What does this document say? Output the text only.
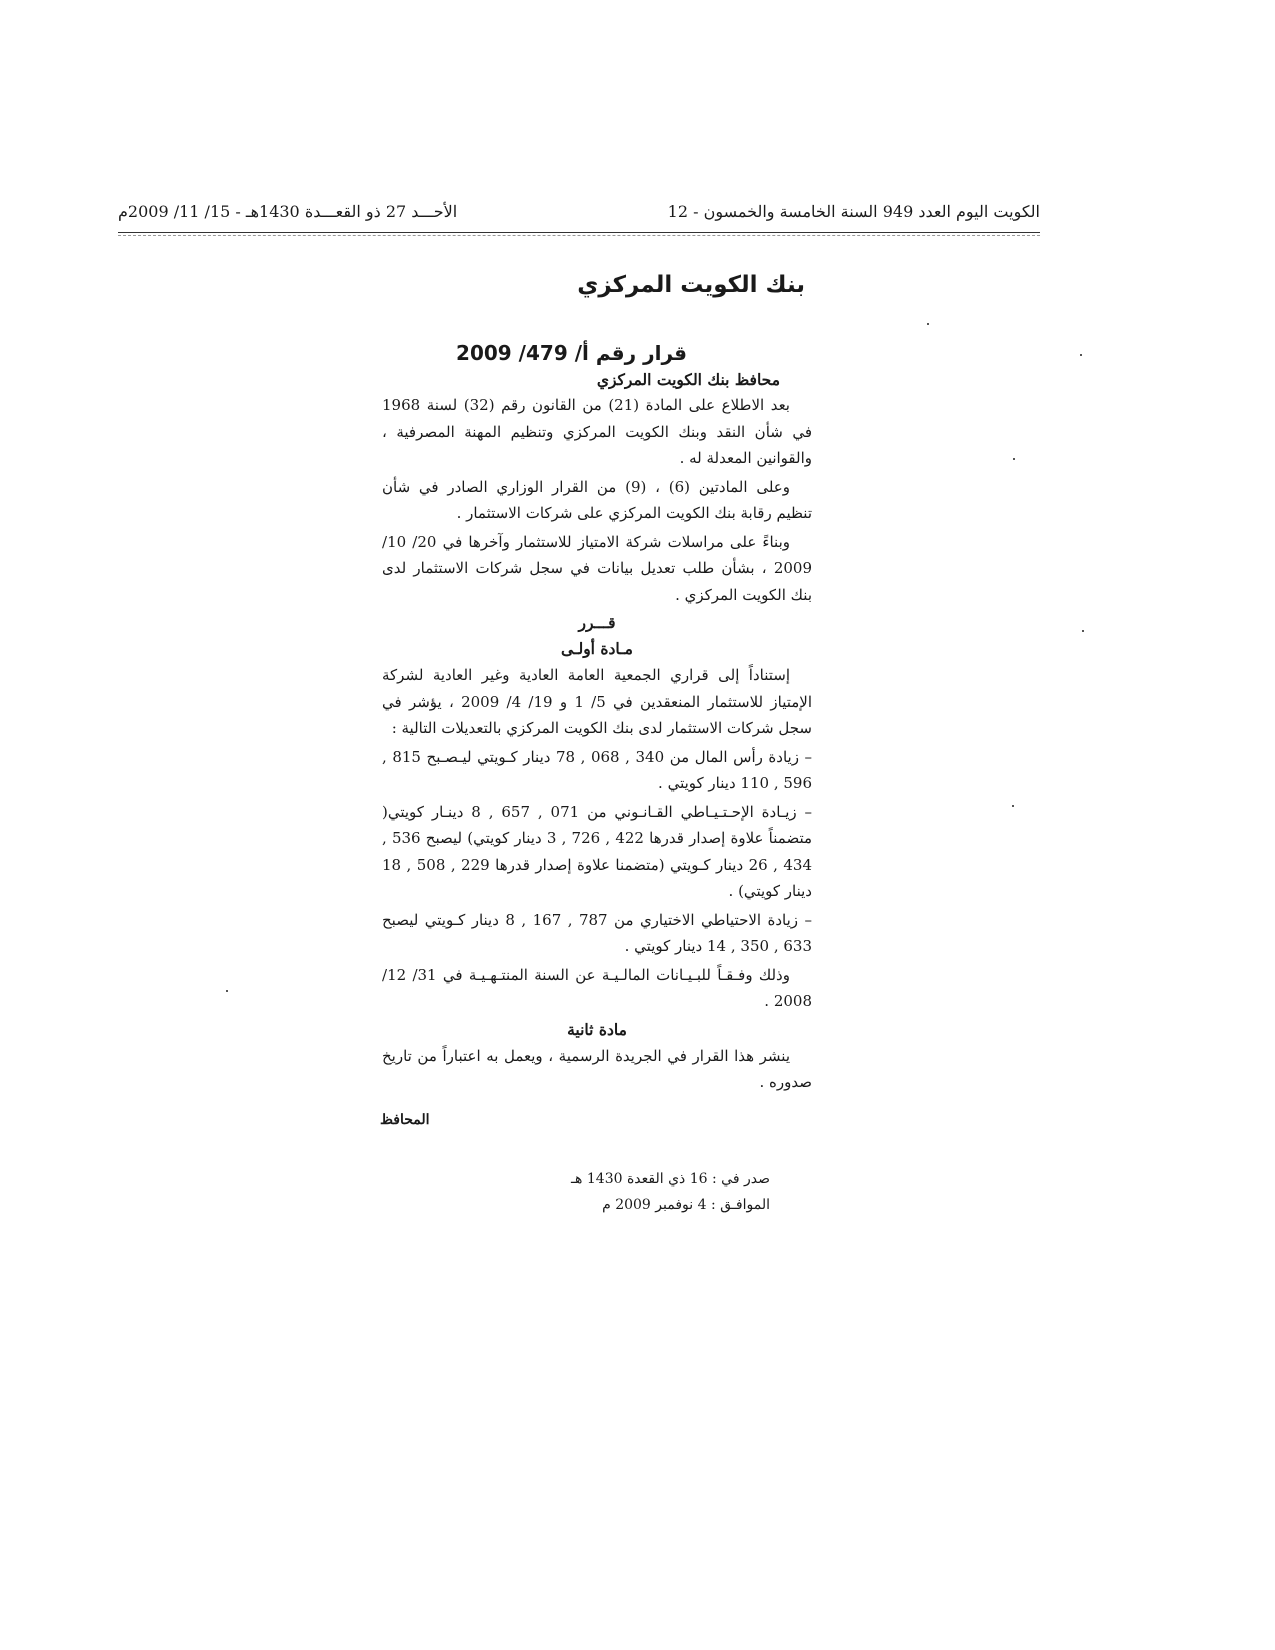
الكويت اليوم العدد 949 السنة الخامسة والخمسون - 12
الأحـــد 27 ذو القعـــدة 1430هـ - 15/ 11/ 2009م
بنك الكويت المركزي
قرار رقم أ/ 479/ 2009
محافظ بنك الكويت المركزي

بعد الاطلاع على المادة (21) من القانون رقم (32) لسنة 1968 في شأن النقد وبنك الكويت المركزي وتنظيم المهنة المصرفية ، والقوانين المعدلة له .

وعلى المادتين (6) ، (9) من القرار الوزاري الصادر في شأن تنظيم رقابة بنك الكويت المركزي على شركات الاستثمار .

وبناءً على مراسلات شركة الامتياز للاستثمار وآخرها في 20/ 10/ 2009 ، بشأن طلب تعديل بيانات في سجل شركات الاستثمار لدى بنك الكويت المركزي .

قـــرر
مـادة أولـى

إستناداً إلى قراري الجمعية العامة العادية وغير العادية لشركة الإمتياز للاستثمار المنعقدين في 5/ 1 و 19/ 4/ 2009 ، يؤشر في سجل شركات الاستثمار لدى بنك الكويت المركزي بالتعديلات التالية :

– زيادة رأس المال من 340 , 068 , 78 دينار كـويتي ليـصـبح 815 , 596 , 110 دينار كويتي .

– زيـادة الإحـتـيـاطي القـانـوني من 071 , 657 , 8 دينـار كويتي( متضمناً علاوة إصدار قدرها 422 , 726 , 3 دينار كويتي) ليصبح 536 , 434 , 26 دينار كـويتي (متضمنا علاوة إصدار قدرها 229 , 508 , 18 دينار كويتي) .

– زيادة الاحتياطي الاختياري من 787 , 167 , 8 دينار كـويتي ليصبح 633 , 350 , 14 دينار كويتي .

وذلك وفـقـاً للبـيـانات المالـيـة عن السنة المنتـهـيـة في 31/ 12/ 2008 .

مادة ثانية

ينشر هذا القرار في الجريدة الرسمية ، ويعمل به اعتباراً من تاريخ صدوره .

المحافظ
صدر في : 16 ذي القعدة 1430 هـ
الموافـق : 4 نوفمبر 2009 م
